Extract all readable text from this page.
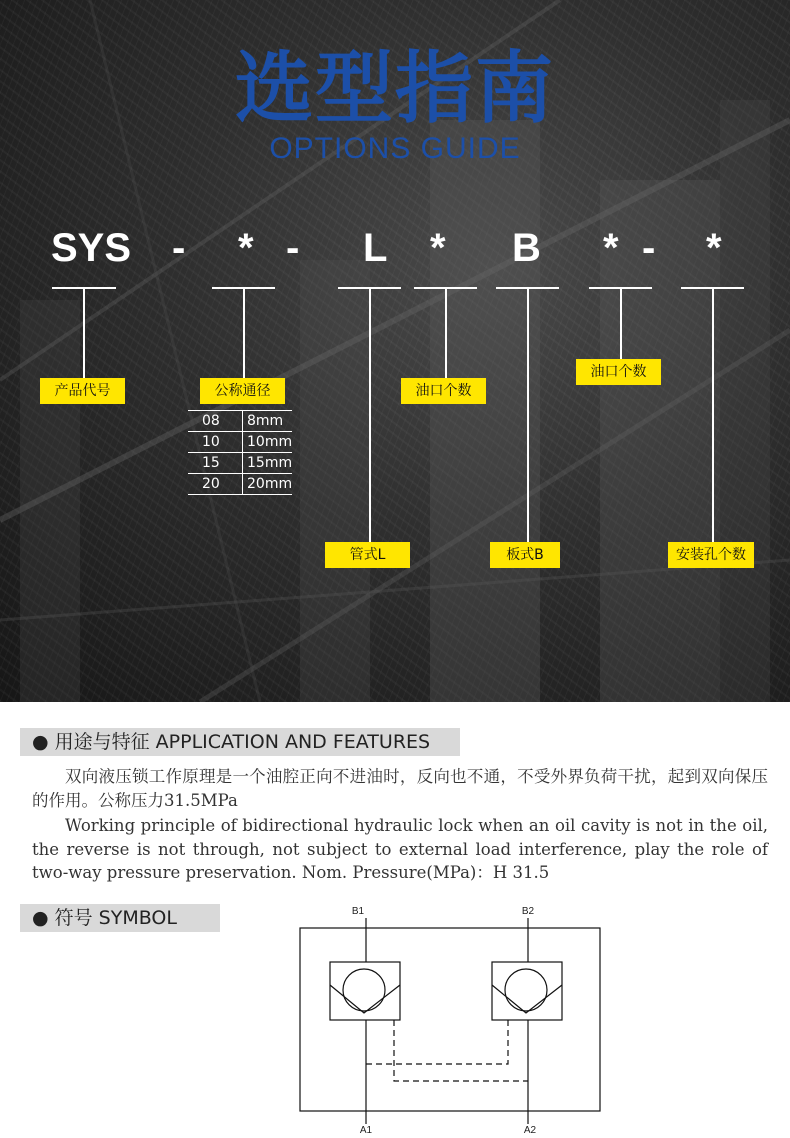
选型指南
OPTIONS GUIDE
SYS - * - L * B * - *
产品代号	公称通径	油口个数
油口个数
管式L	板式B	安装孔个数
08	8mm
10	10mm
15	15mm
20	20mm
● 用途与特征 APPLICATION AND FEATURES

双向液压锁工作原理是一个油腔正向不进油时，反向也不通，不受外界负荷干扰，起到双向保压的作用。公称压力31.5MPa

Working principle of bidirectional hydraulic lock when an oil cavity is not in the oil, the reverse is not through, not subject to external load interference, play the role of two-way pressure preservation. Nom. Pressure(MPa)：H 31.5

● 符号 SYMBOL	B1	B2
A1	A2
